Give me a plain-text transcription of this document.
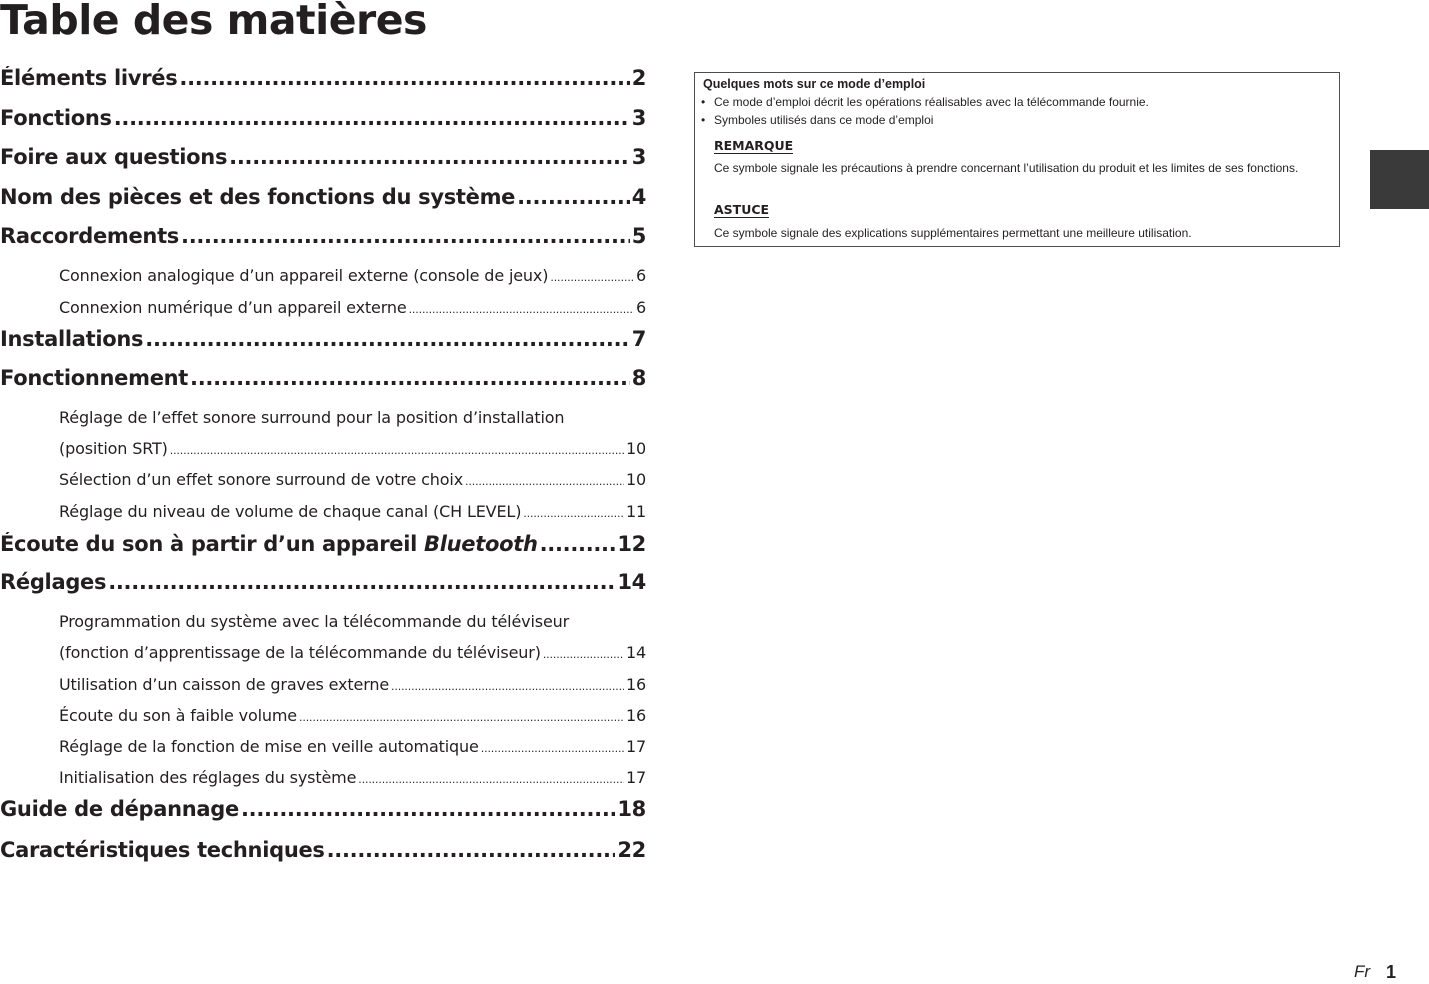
Table des matières
Éléments livrés .....	2
Fonctions .....	3
Foire aux questions .....	3
Nom des pièces et des fonctions du système .....	4
Raccordements .....	5
Connexion analogique d’un appareil externe (console de jeux) .....	6
Connexion numérique d’un appareil externe .....	6
Installations .....	7
Fonctionnement .....	8
Réglage de l’effet sonore surround pour la position d’installation
(position SRT) .....	10
Sélection d’un effet sonore surround de votre choix .....	10
Réglage du niveau de volume de chaque canal (CH LEVEL) .....	11
Écoute du son à partir d’un appareil Bluetooth .....	12
Réglages .....	14
Programmation du système avec la télécommande du téléviseur
(fonction d’apprentissage de la télécommande du téléviseur) .....	14
Utilisation d’un caisson de graves externe .....	16
Écoute du son à faible volume .....	16
Réglage de la fonction de mise en veille automatique .....	17
Initialisation des réglages du système .....	17
Guide de dépannage .....	18
Caractéristiques techniques .....	22
Quelques mots sur ce mode d’emploi
• Ce mode d’emploi décrit les opérations réalisables avec la télécommande fournie.
• Symboles utilisés dans ce mode d’emploi
REMARQUE
Ce symbole signale les précautions à prendre concernant l’utilisation du produit et les limites de ses fonctions.
ASTUCE
Ce symbole signale des explications supplémentaires permettant une meilleure utilisation.
Fr 1
